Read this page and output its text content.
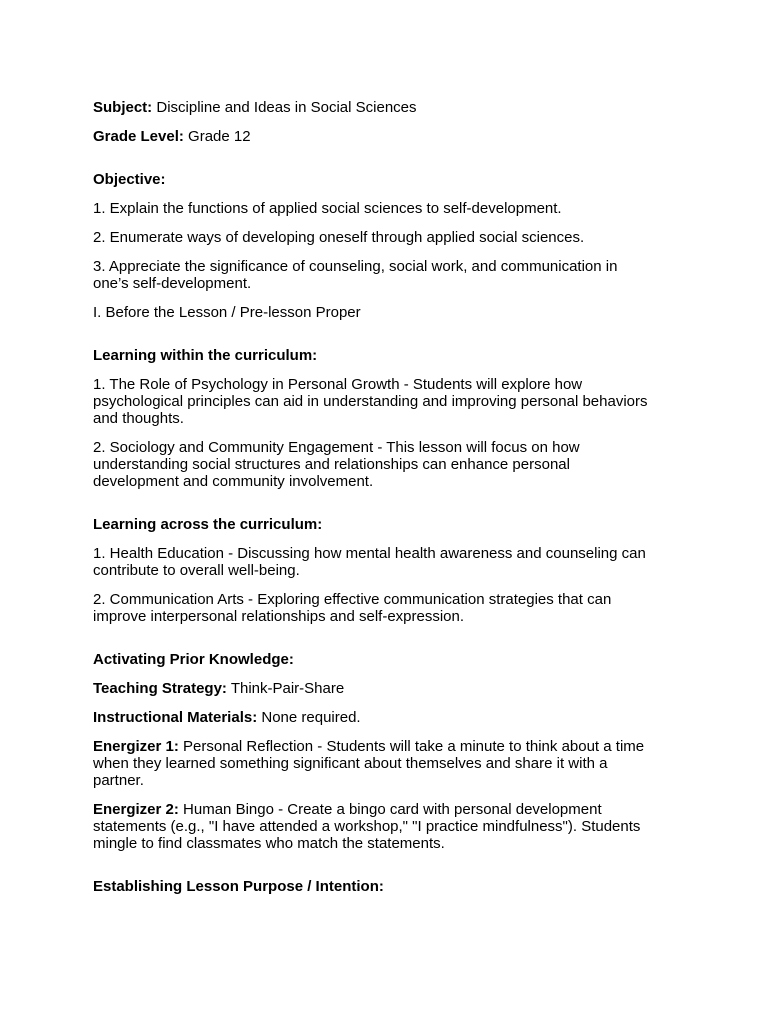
Subject: Discipline and Ideas in Social Sciences

Grade Level: Grade 12

Objective:

1. Explain the functions of applied social sciences to self-development.

2. Enumerate ways of developing oneself through applied social sciences.

3. Appreciate the significance of counseling, social work, and communication in
one’s self-development.

I. Before the Lesson / Pre-lesson Proper

Learning within the curriculum:

1. The Role of Psychology in Personal Growth - Students will explore how
psychological principles can aid in understanding and improving personal behaviors
and thoughts.

2. Sociology and Community Engagement - This lesson will focus on how
understanding social structures and relationships can enhance personal
development and community involvement.

Learning across the curriculum:

1. Health Education - Discussing how mental health awareness and counseling can
contribute to overall well-being.

2. Communication Arts - Exploring effective communication strategies that can
improve interpersonal relationships and self-expression.

Activating Prior Knowledge:

Teaching Strategy: Think-Pair-Share

Instructional Materials: None required.

Energizer 1: Personal Reflection - Students will take a minute to think about a time
when they learned something significant about themselves and share it with a
partner.

Energizer 2: Human Bingo - Create a bingo card with personal development
statements (e.g., "I have attended a workshop," "I practice mindfulness"). Students
mingle to find classmates who match the statements.

Establishing Lesson Purpose / Intention:
